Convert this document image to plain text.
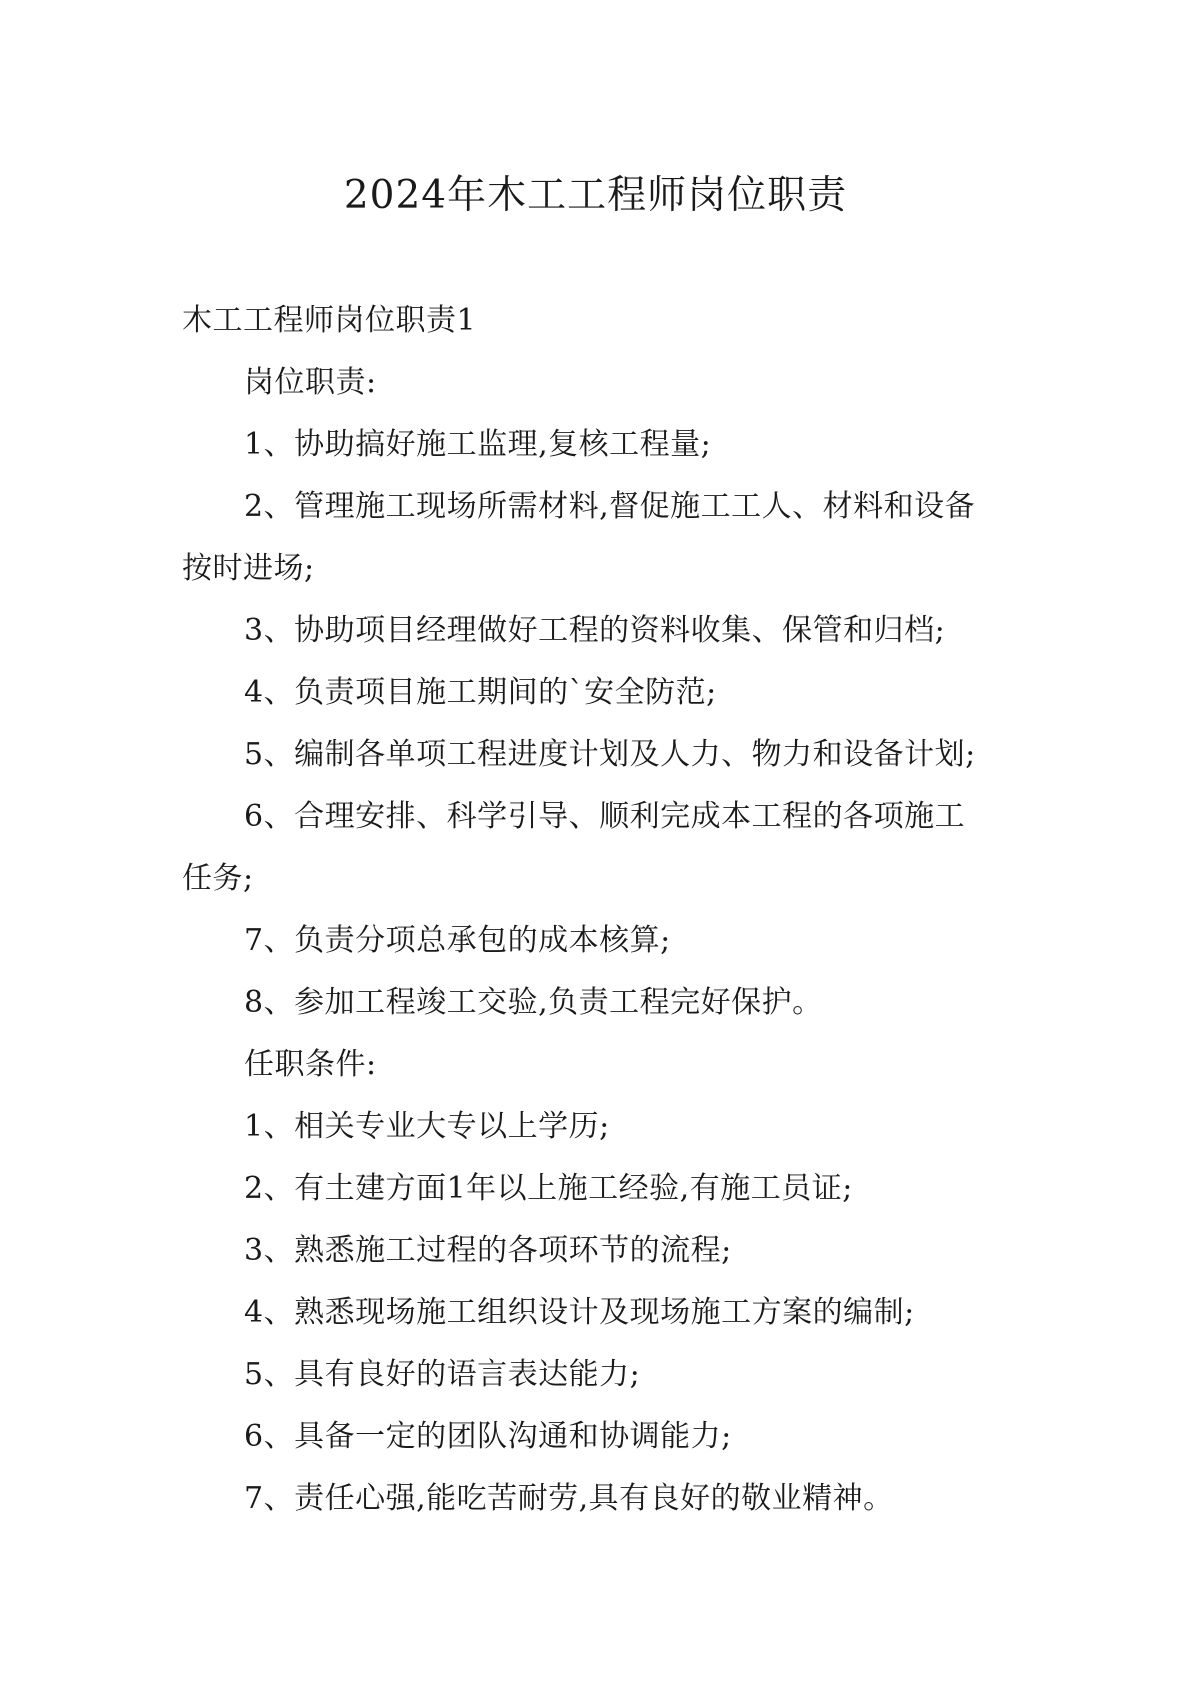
2024年木工工程师岗位职责

木工工程师岗位职责1

岗位职责:

1、协助搞好施工监理,复核工程量;

2、管理施工现场所需材料,督促施工工人、材料和设备

按时进场;

3、协助项目经理做好工程的资料收集、保管和归档;

4、负责项目施工期间的`安全防范;

5、编制各单项工程进度计划及人力、物力和设备计划;

6、合理安排、科学引导、顺利完成本工程的各项施工

任务;

7、负责分项总承包的成本核算;

8、参加工程竣工交验,负责工程完好保护。

任职条件:

1、相关专业大专以上学历;

2、有土建方面1年以上施工经验,有施工员证;

3、熟悉施工过程的各项环节的流程;

4、熟悉现场施工组织设计及现场施工方案的编制;

5、具有良好的语言表达能力;

6、具备一定的团队沟通和协调能力;

7、责任心强,能吃苦耐劳,具有良好的敬业精神。
